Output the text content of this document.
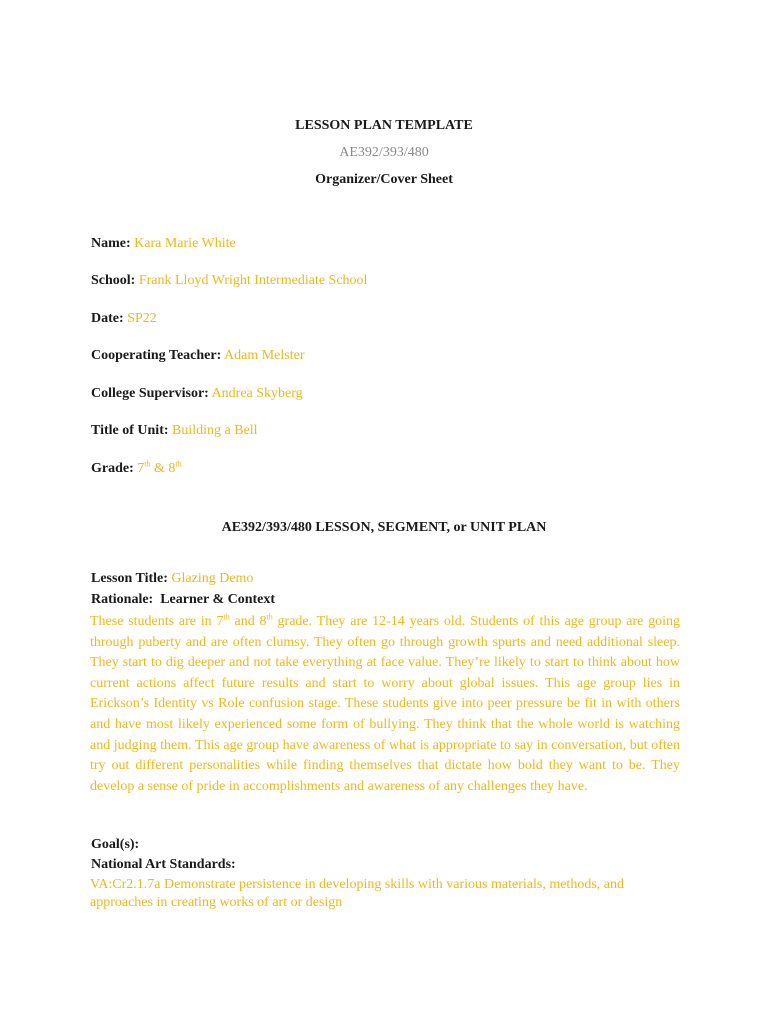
LESSON PLAN TEMPLATE
AE392/393/480
Organizer/Cover Sheet
Name: Kara Marie White
School: Frank Lloyd Wright Intermediate School
Date: SP22
Cooperating Teacher: Adam Melster
College Supervisor: Andrea Skyberg
Title of Unit: Building a Bell
Grade: 7th & 8th
AE392/393/480 LESSON, SEGMENT, or UNIT PLAN
Lesson Title: Glazing Demo
Rationale:  Learner & Context
These students are in 7th and 8th grade. They are 12-14 years old. Students of this age group are going through puberty and are often clumsy. They often go through growth spurts and need additional sleep. They start to dig deeper and not take everything at face value. They’re likely to start to think about how current actions affect future results and start to worry about global issues. This age group lies in Erickson’s Identity vs Role confusion stage. These students give into peer pressure be fit in with others and have most likely experienced some form of bullying. They think that the whole world is watching and judging them. This age group have awareness of what is appropriate to say in conversation, but often try out different personalities while finding themselves that dictate how bold they want to be. They develop a sense of pride in accomplishments and awareness of any challenges they have.
Goal(s):
National Art Standards:
VA:Cr2.1.7a Demonstrate persistence in developing skills with various materials, methods, and approaches in creating works of art or design
